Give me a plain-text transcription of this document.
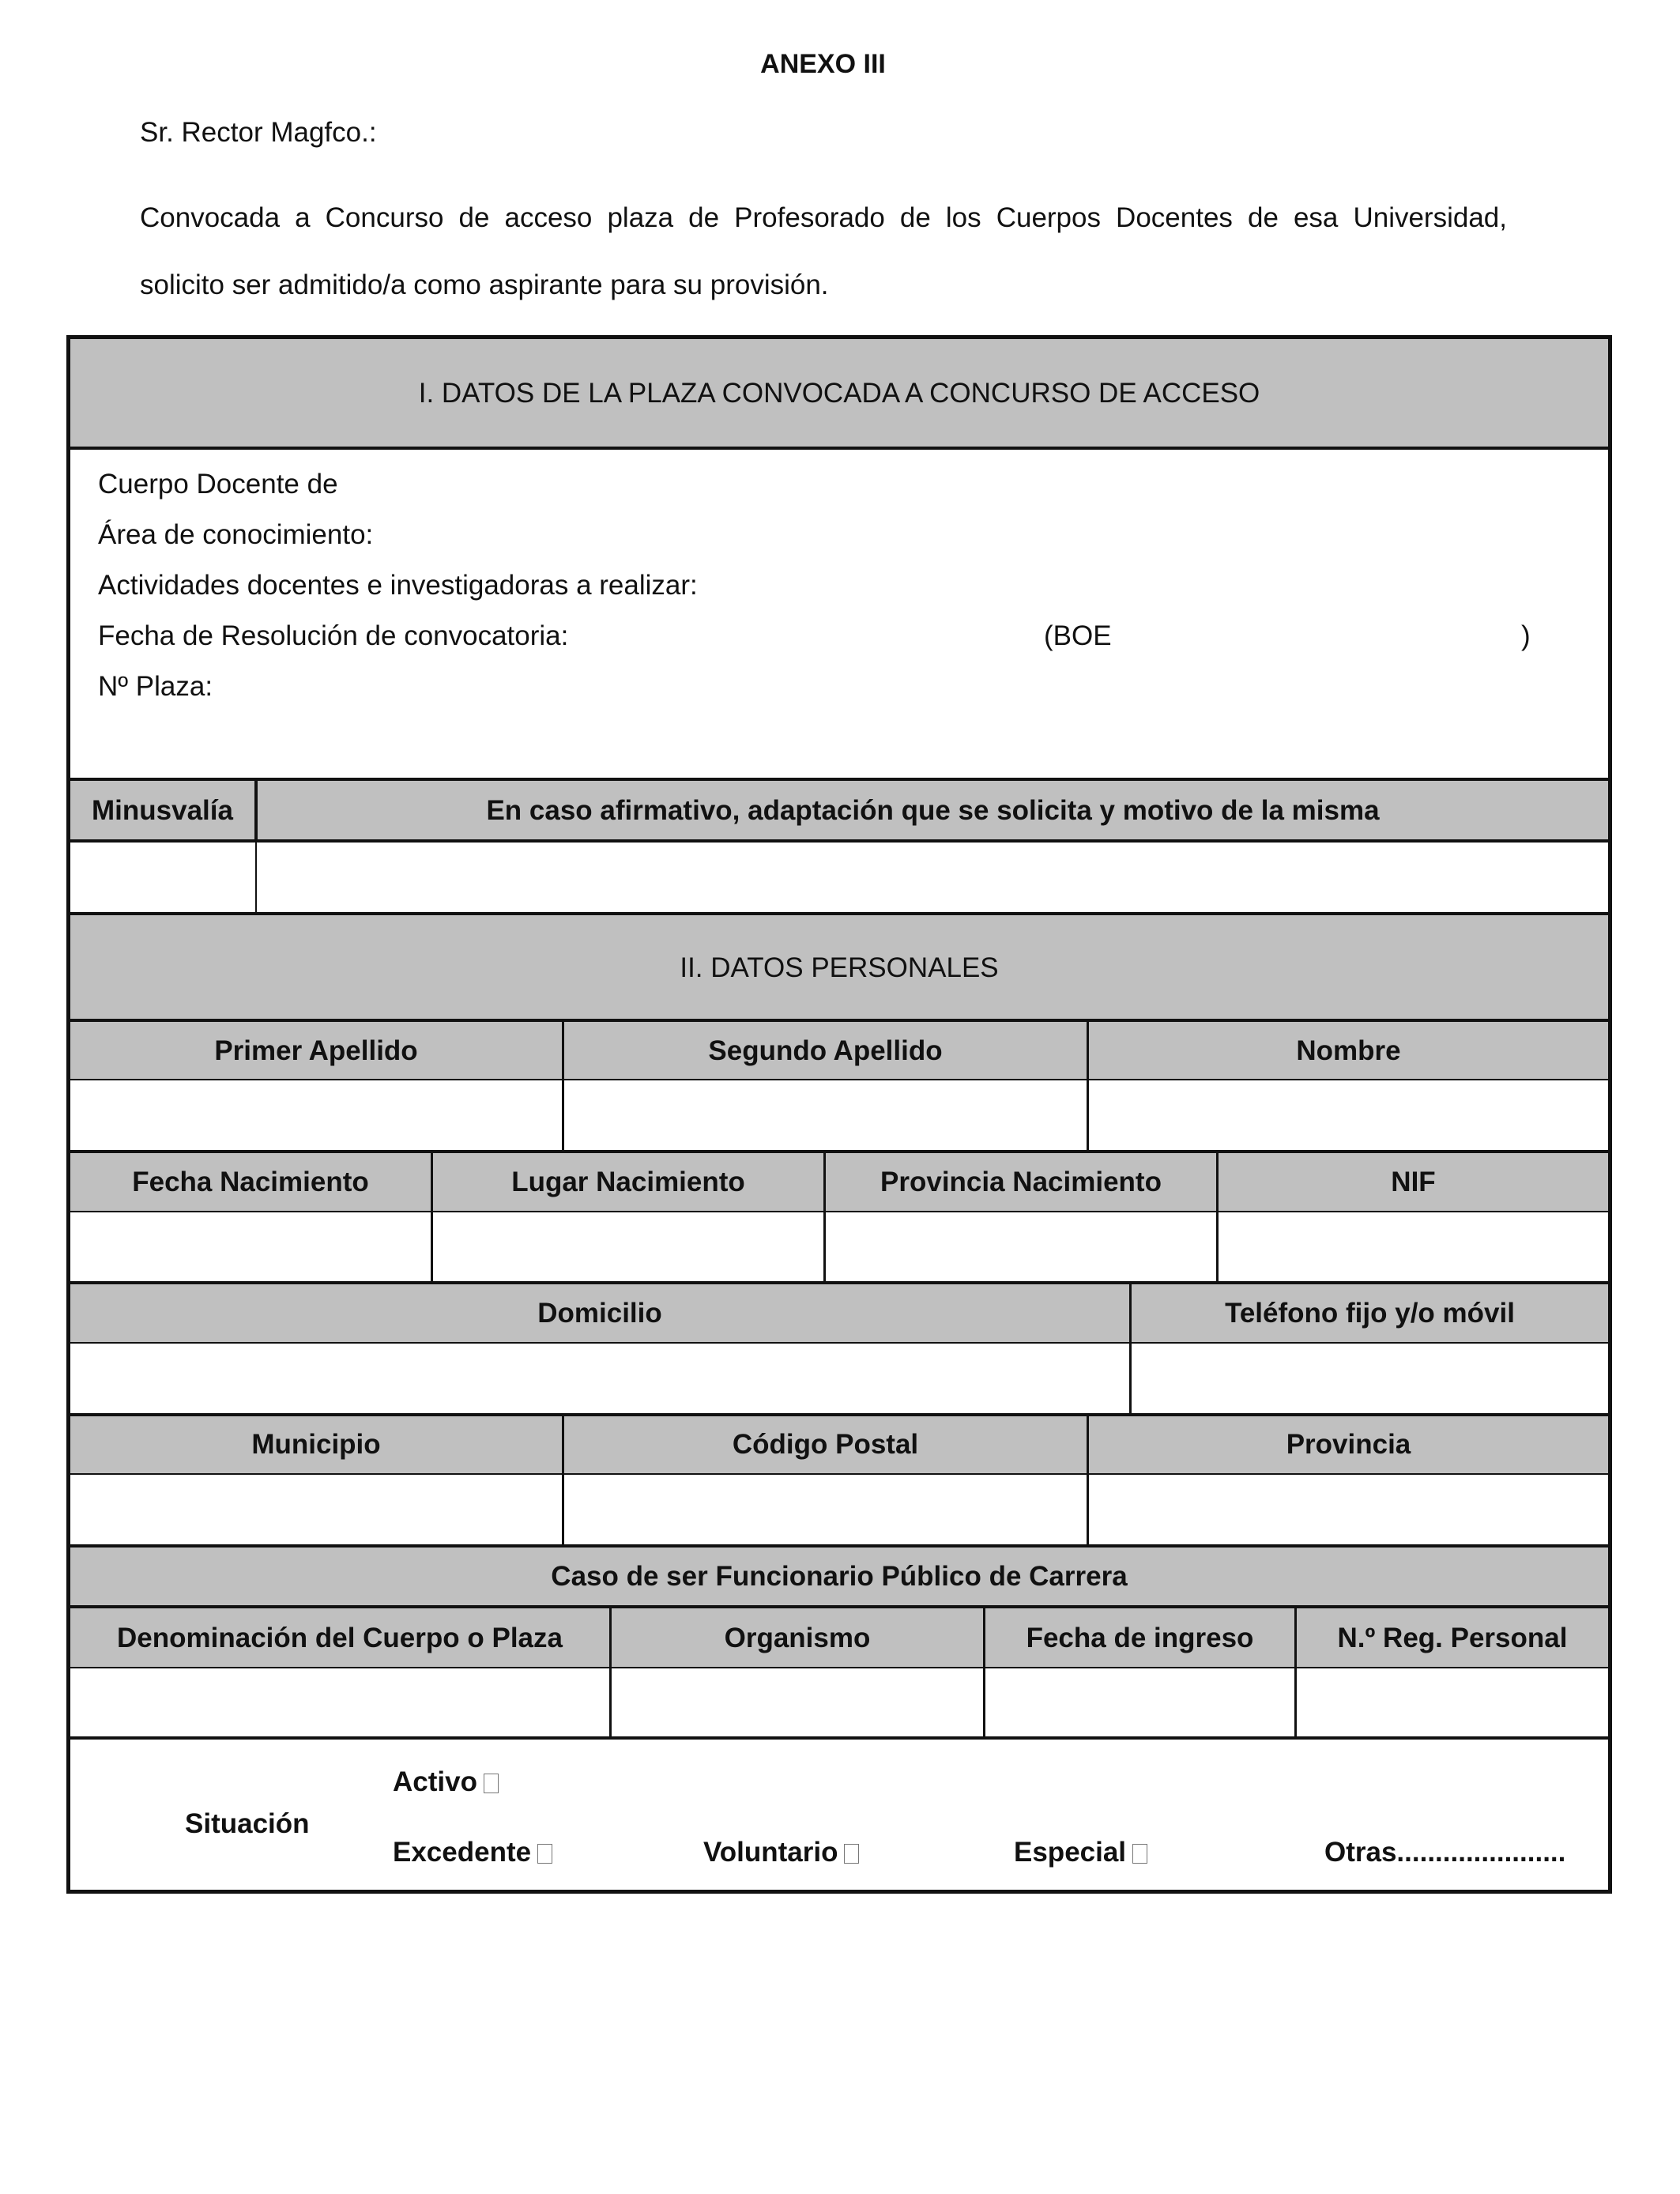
ANEXO III
Sr. Rector Magfco.:
Convocada a Concurso de acceso plaza de Profesorado de los Cuerpos Docentes de esa Universidad,
solicito ser admitido/a como aspirante para su provisión.
I. DATOS DE LA PLAZA CONVOCADA A CONCURSO DE ACCESO
Cuerpo Docente de
Área de conocimiento:
Actividades docentes e investigadoras a realizar:
Fecha de Resolución de convocatoria:	(BOE	)
Nº Plaza:
Minusvalía	En caso afirmativo, adaptación que se solicita y motivo de la misma
II. DATOS PERSONALES
Primer Apellido	Segundo Apellido	Nombre
Fecha Nacimiento	Lugar Nacimiento	Provincia Nacimiento	NIF
Domicilio	Teléfono fijo y/o móvil
Municipio	Código Postal	Provincia
Caso de ser Funcionario Público de Carrera
Denominación del Cuerpo o Plaza	Organismo	Fecha de ingreso	N.º Reg. Personal
Situación
Activo
Excedente	Voluntario	Especial	Otras......................
